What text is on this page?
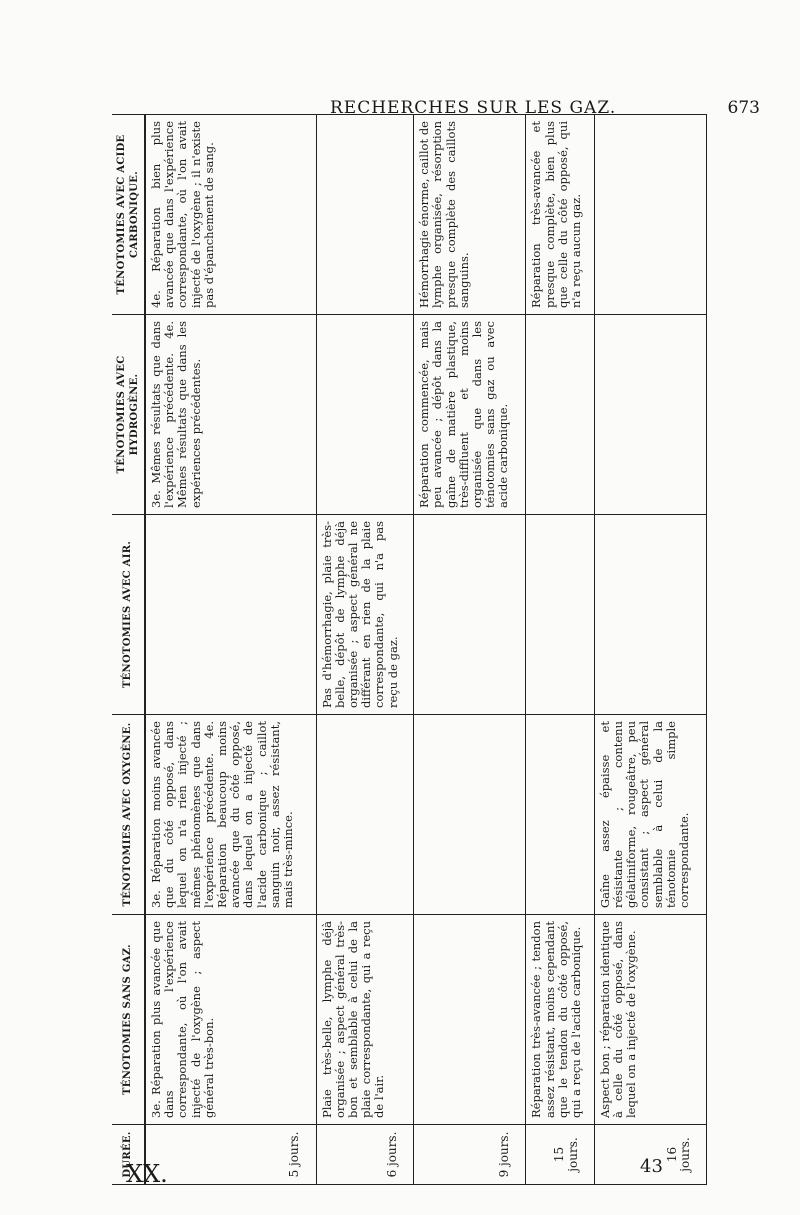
RECHERCHES SUR LES GAZ.	673
DURÉE.	TÉNOTOMIES SANS GAZ.	TÉNOTOMIES AVEC OXYGÈNE.	TÉNOTOMIES AVEC AIR.	TÉNOTOMIES AVEC HYDROGÈNE.	TÉNOTOMIES AVEC ACIDE CARBONIQUE.
5 jours.	3e. Réparation plus avancée que dans l'expérience correspondante, où l'on avait injecté de l'oxygène ; aspect général très-bon.	3e. Réparation moins avancée que du côté opposé, dans lequel on n'a rien injecté ; mêmes phénomènes que dans l'expérience précédente. 4e. Réparation beaucoup moins avancée que du côté opposé, dans lequel on a injecté de l'acide carbonique ; caillot sanguin noir, assez résistant, mais très-mince.		3e. Mêmes résultats que dans l'expérience précédente. 4e. Mêmes résultats que dans les expériences précédentes.	4e. Réparation bien plus avancée que dans l'expérience correspondante, où l'on avait injecté de l'oxygène ; il n'existe pas d'épanchement de sang.
6 jours.	Plaie très-belle, lymphe déjà organisée ; aspect général très-bon et semblable à celui de la plaie correspondante, qui a reçu de l'air.		Pas d'hémorrhagie, plaie très-belle, dépôt de lymphe déjà organisée ; aspect général ne différant en rien de la plaie correspondante, qui n'a pas reçu de gaz.		
9 jours.				Réparation commencée, mais peu avancée ; dépôt dans la gaîne de matière plastique, très-diffluent et moins organisée que dans les ténotomies sans gaz ou avec acide carbonique.	Hémorrhagie énorme, caillot de lymphe organisée, résorption presque complète des caillots sanguins.
15 jours.	Réparation très-avancée ; tendon assez résistant, moins cependant que le tendon du côté opposé, qui a reçu de l'acide carbonique.				Réparation très-avancée et presque complète, bien plus que celle du côté opposé, qui n'a reçu aucun gaz.
16 jours.	Aspect bon ; réparation identique à celle du côté opposé, dans lequel on a injecté de l'oxygène.	Gaîne assez épaisse et résistante ; contenu gélatiniforme, rougeâtre, peu consistant ; aspect général semblable à celui de la ténotomie simple correspondante.			
XX.	43
